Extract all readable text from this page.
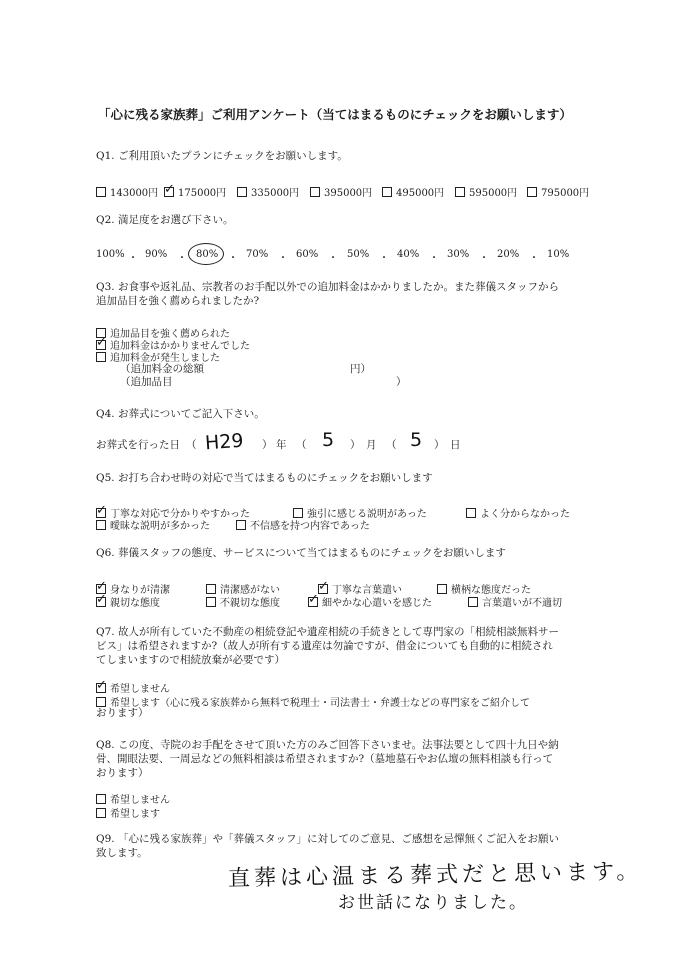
「心に残る家族葬」ご利用アンケート（当てはまるものにチェックをお願いします）
Q1. ご利用頂いたプランにチェックをお願いします。
143000円 ✓ 175000円	335000円	395000円	495000円	595000円	795000円
Q2. 満足度をお選び下さい。
100% ・ 90% ・ 80% ・ 70% ・ 60% ・ 50% ・ 40% ・ 30% ・ 20% ・ 10%
Q3. お食事や返礼品、宗教者のお手配以外での追加料金はかかりましたか。また葬儀スタッフから
追加品目を強く薦められましたか?
追加品目を強く薦められた
✓ 追加料金はかかりませんでした
追加料金が発生しました
（追加料金の総額	円）
（追加品目	）
Q4. お葬式についてご記入下さい。
お葬式を行った日 （ H29 ） 年 （ 5 ） 月 （ 5 ） 日
Q5. お打ち合わせ時の対応で当てはまるものにチェックをお願いします
✓ 丁寧な対応で分かりやすかった	強引に感じる説明があった	よく分からなかった
曖昧な説明が多かった	不信感を持つ内容であった
Q6. 葬儀スタッフの態度、サービスについて当てはまるものにチェックをお願いします
✓ 身なりが清潔	清潔感がない	✓ 丁寧な言葉遣い	横柄な態度だった
✓ 親切な態度	不親切な態度 ✓ 細やかな心遣いを感じた	言葉遣いが不適切
Q7. 故人が所有していた不動産の相続登記や遺産相続の手続きとして専門家の「相続相談無料サー
ビス」は希望されますか?（故人が所有する遺産は勿論ですが、借金についても自動的に相続され
てしまいますので相続放棄が必要です）
✓ 希望しません
希望します（心に残る家族葬から無料で税理士・司法書士・弁護士などの専門家をご紹介して
おります）
Q8. この度、寺院のお手配をさせて頂いた方のみご回答下さいませ。法事法要として四十九日や納
骨、開眼法要、一周忌などの無料相談は希望されますか?（墓地墓石やお仏壇の無料相談も行って
おります）
希望しません
希望します
Q9. 「心に残る家族葬」や「葬儀スタッフ」に対してのご意見、ご感想を忌憚無くご記入をお願い
致します。
直葬は心温まる葬式だと思います。
お世話になりました。
